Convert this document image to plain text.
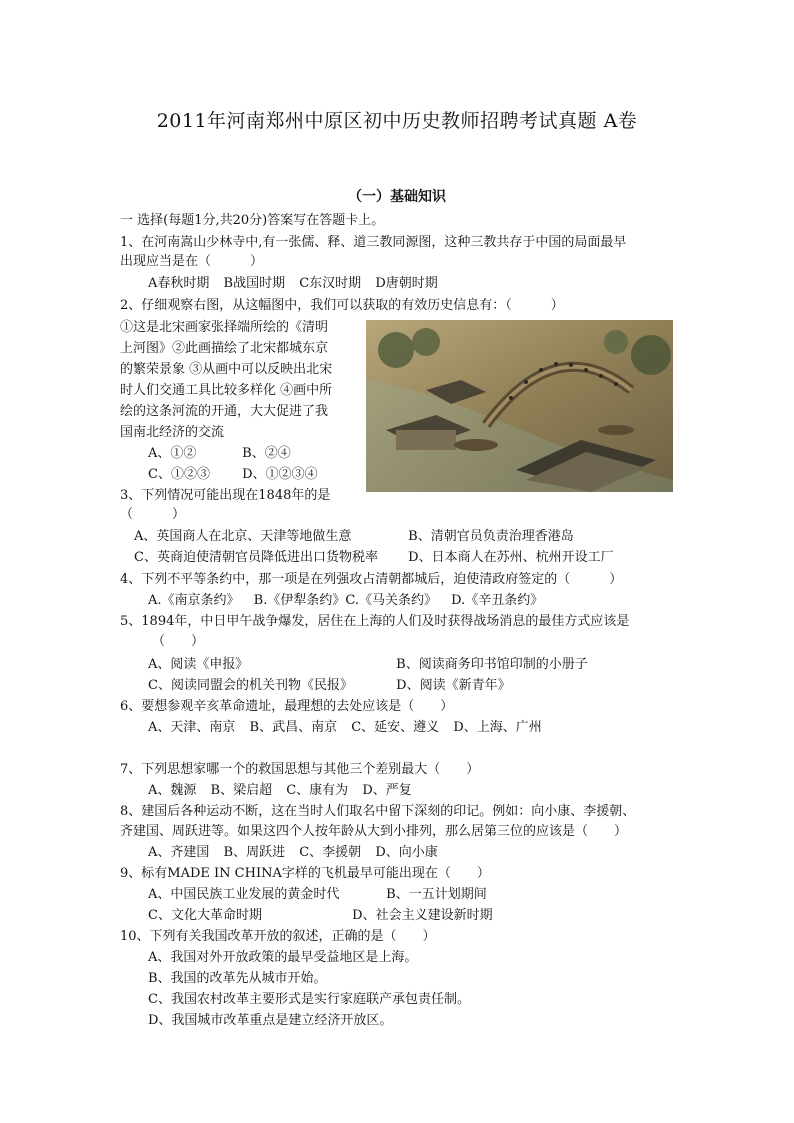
2011年河南郑州中原区初中历史教师招聘考试真题 A卷
（一）基础知识
一 选择(每题1分,共20分)答案写在答题卡上。
1、在河南嵩山少林寺中,有一张儒、释、道三教同源图，这种三教共存于中国的局面最早
出现应当是在（　　　）
A春秋时期 B战国时期 C东汉时期 D唐朝时期
2、仔细观察右图，从这幅图中，我们可以获取的有效历史信息有：（　　　）
①这是北宋画家张择端所绘的《清明
上河图》②此画描绘了北宋都城东京
的繁荣景象 ③从画中可以反映出北宋
时人们交通工具比较多样化 ④画中所
绘的这条河流的开通，大大促进了我
国南北经济的交流
A、①②	B、②④
C、①②③ D、①②③④
3、下列情况可能出现在1848年的是
（　　　）
A、英国商人在北京、天津等地做生意	B、清朝官员负责治理香港岛
C、英商迫使清朝官员降低进出口货物税率 D、日本商人在苏州、杭州开设工厂
4、下列不平等条约中，那一项是在列强攻占清朝都城后，迫使清政府签定的（　　　）
A.《南京条约》 B.《伊犁条约》C.《马关条约》 D.《辛丑条约》
5、1894年，中日甲午战争爆发，居住在上海的人们及时获得战场消息的最佳方式应该是
（　　）
A、阅读《申报》	B、阅读商务印书馆印制的小册子
C、阅读同盟会的机关刊物《民报》	D、阅读《新青年》
6、要想参观辛亥革命遗址，最理想的去处应该是（　　）
A、天津、南京 B、武昌、南京 C、延安、遵义 D、上海、广州
7、下列思想家哪一个的救国思想与其他三个差别最大（　　）
A、魏源 B、梁启超 C、康有为 D、严复
8、建国后各种运动不断，这在当时人们取名中留下深刻的印记。例如：向小康、李援朝、
齐建国、周跃进等。如果这四个人按年龄从大到小排列，那么居第三位的应该是（　　）
A、齐建国 B、周跃进 C、李援朝 D、向小康
9、标有MADE IN CHINA字样的飞机最早可能出现在（　　）
A、中国民族工业发展的黄金时代	B、一五计划期间
C、文化大革命时期	D、社会主义建设新时期
10、下列有关我国改革开放的叙述，正确的是（　　）
A、我国对外开放政策的最早受益地区是上海。
B、我国的改革先从城市开始。
C、我国农村改革主要形式是实行家庭联产承包责任制。
D、我国城市改革重点是建立经济开放区。
